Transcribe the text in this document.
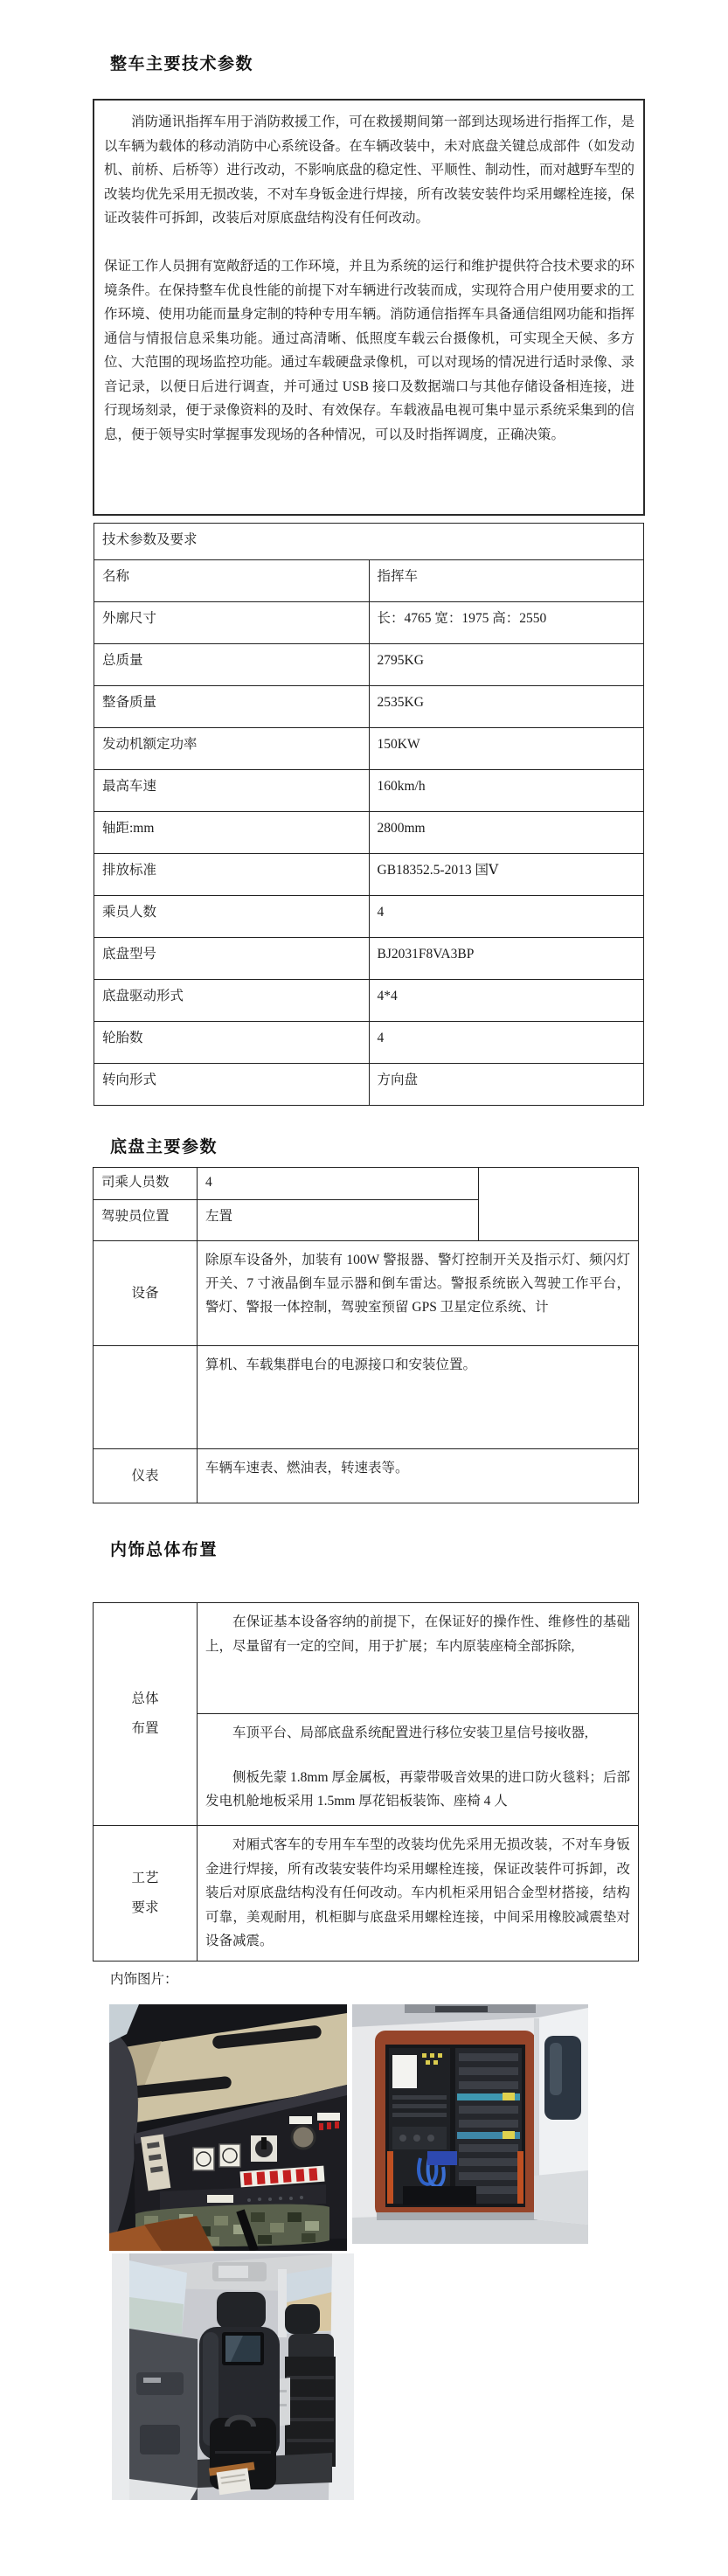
整车主要技术参数

消防通讯指挥车用于消防救援工作，可在救援期间第一部到达现场进行指挥工作，是以车辆为载体的移动消防中心系统设备。在车辆改装中，未对底盘关键总成部件（如发动机、前桥、后桥等）进行改动，不影响底盘的稳定性、平顺性、制动性，而对越野车型的改装均优先采用无损改装，不对车身钣金进行焊接，所有改装安装件均采用螺栓连接，保证改装件可拆卸，改装后对原底盘结构没有任何改动。

保证工作人员拥有宽敞舒适的工作环境，并且为系统的运行和维护提供符合技术要求的环境条件。在保持整车优良性能的前提下对车辆进行改装而成，实现符合用户使用要求的工作环境、使用功能而量身定制的特种专用车辆。消防通信指挥车具备通信组网功能和指挥通信与情报信息采集功能。通过高清晰、低照度车载云台摄像机，可实现全天候、多方位、大范围的现场监控功能。通过车载硬盘录像机，可以对现场的情况进行适时录像、录音记录，以便日后进行调查，并可通过 USB 接口及数据端口与其他存储设备相连接，进行现场刻录，便于录像资料的及时、有效保存。车载液晶电视可集中显示系统采集到的信息，便于领导实时掌握事发现场的各种情况，可以及时指挥调度，正确决策。

技术参数及要求	
名称	指挥车
外廓尺寸	长：4765 宽：1975 高：2550
总质量	2795KG
整备质量	2535KG
发动机额定功率	150KW
最高车速	160km/h
轴距:mm	2800mm
排放标准	GB18352.5-2013 国Ⅴ
乘员人数	4
底盘型号	BJ2031F8VA3BP
底盘驱动形式	4*4
轮胎数	4
转向形式	方向盘
底盘主要参数
司乘人员数	4	
驾驶员位置	左置	
设备	除原车设备外，加装有 100W 警报器、警灯控制开关及指示灯、频闪灯开关、7 寸液晶倒车显示器和倒车雷达。警报系统嵌入驾驶工作平台，警灯、警报一体控制，驾驶室预留 GPS 卫星定位系统、计	
	算机、车载集群电台的电源接口和安装位置。	
仪表	车辆车速表、燃油表，转速表等。	
内饰总体布置
总体
布置	在保证基本设备容纳的前提下，在保证好的操作性、维修性的基础上，尽量留有一定的空间，用于扩展；车内原装座椅全部拆除,

	车顶平台、局部底盘系统配置进行移位安装卫星信号接收器,

侧板先蒙 1.8mm 厚金属板，再蒙带吸音效果的进口防火毯料；后部发电机舱地板采用 1.5mm 厚花铝板装饰、座椅 4 人

工艺
要求	对厢式客车的专用车车型的改装均优先采用无损改装，不对车身钣金进行焊接，所有改装安装件均采用螺栓连接，保证改装件可拆卸，改装后对原底盘结构没有任何改动。车内机柜采用铝合金型材搭接，结构可靠，美观耐用，机柜脚与底盘采用螺栓连接，中间采用橡胶减震垫对设备减震。

内饰图片：
